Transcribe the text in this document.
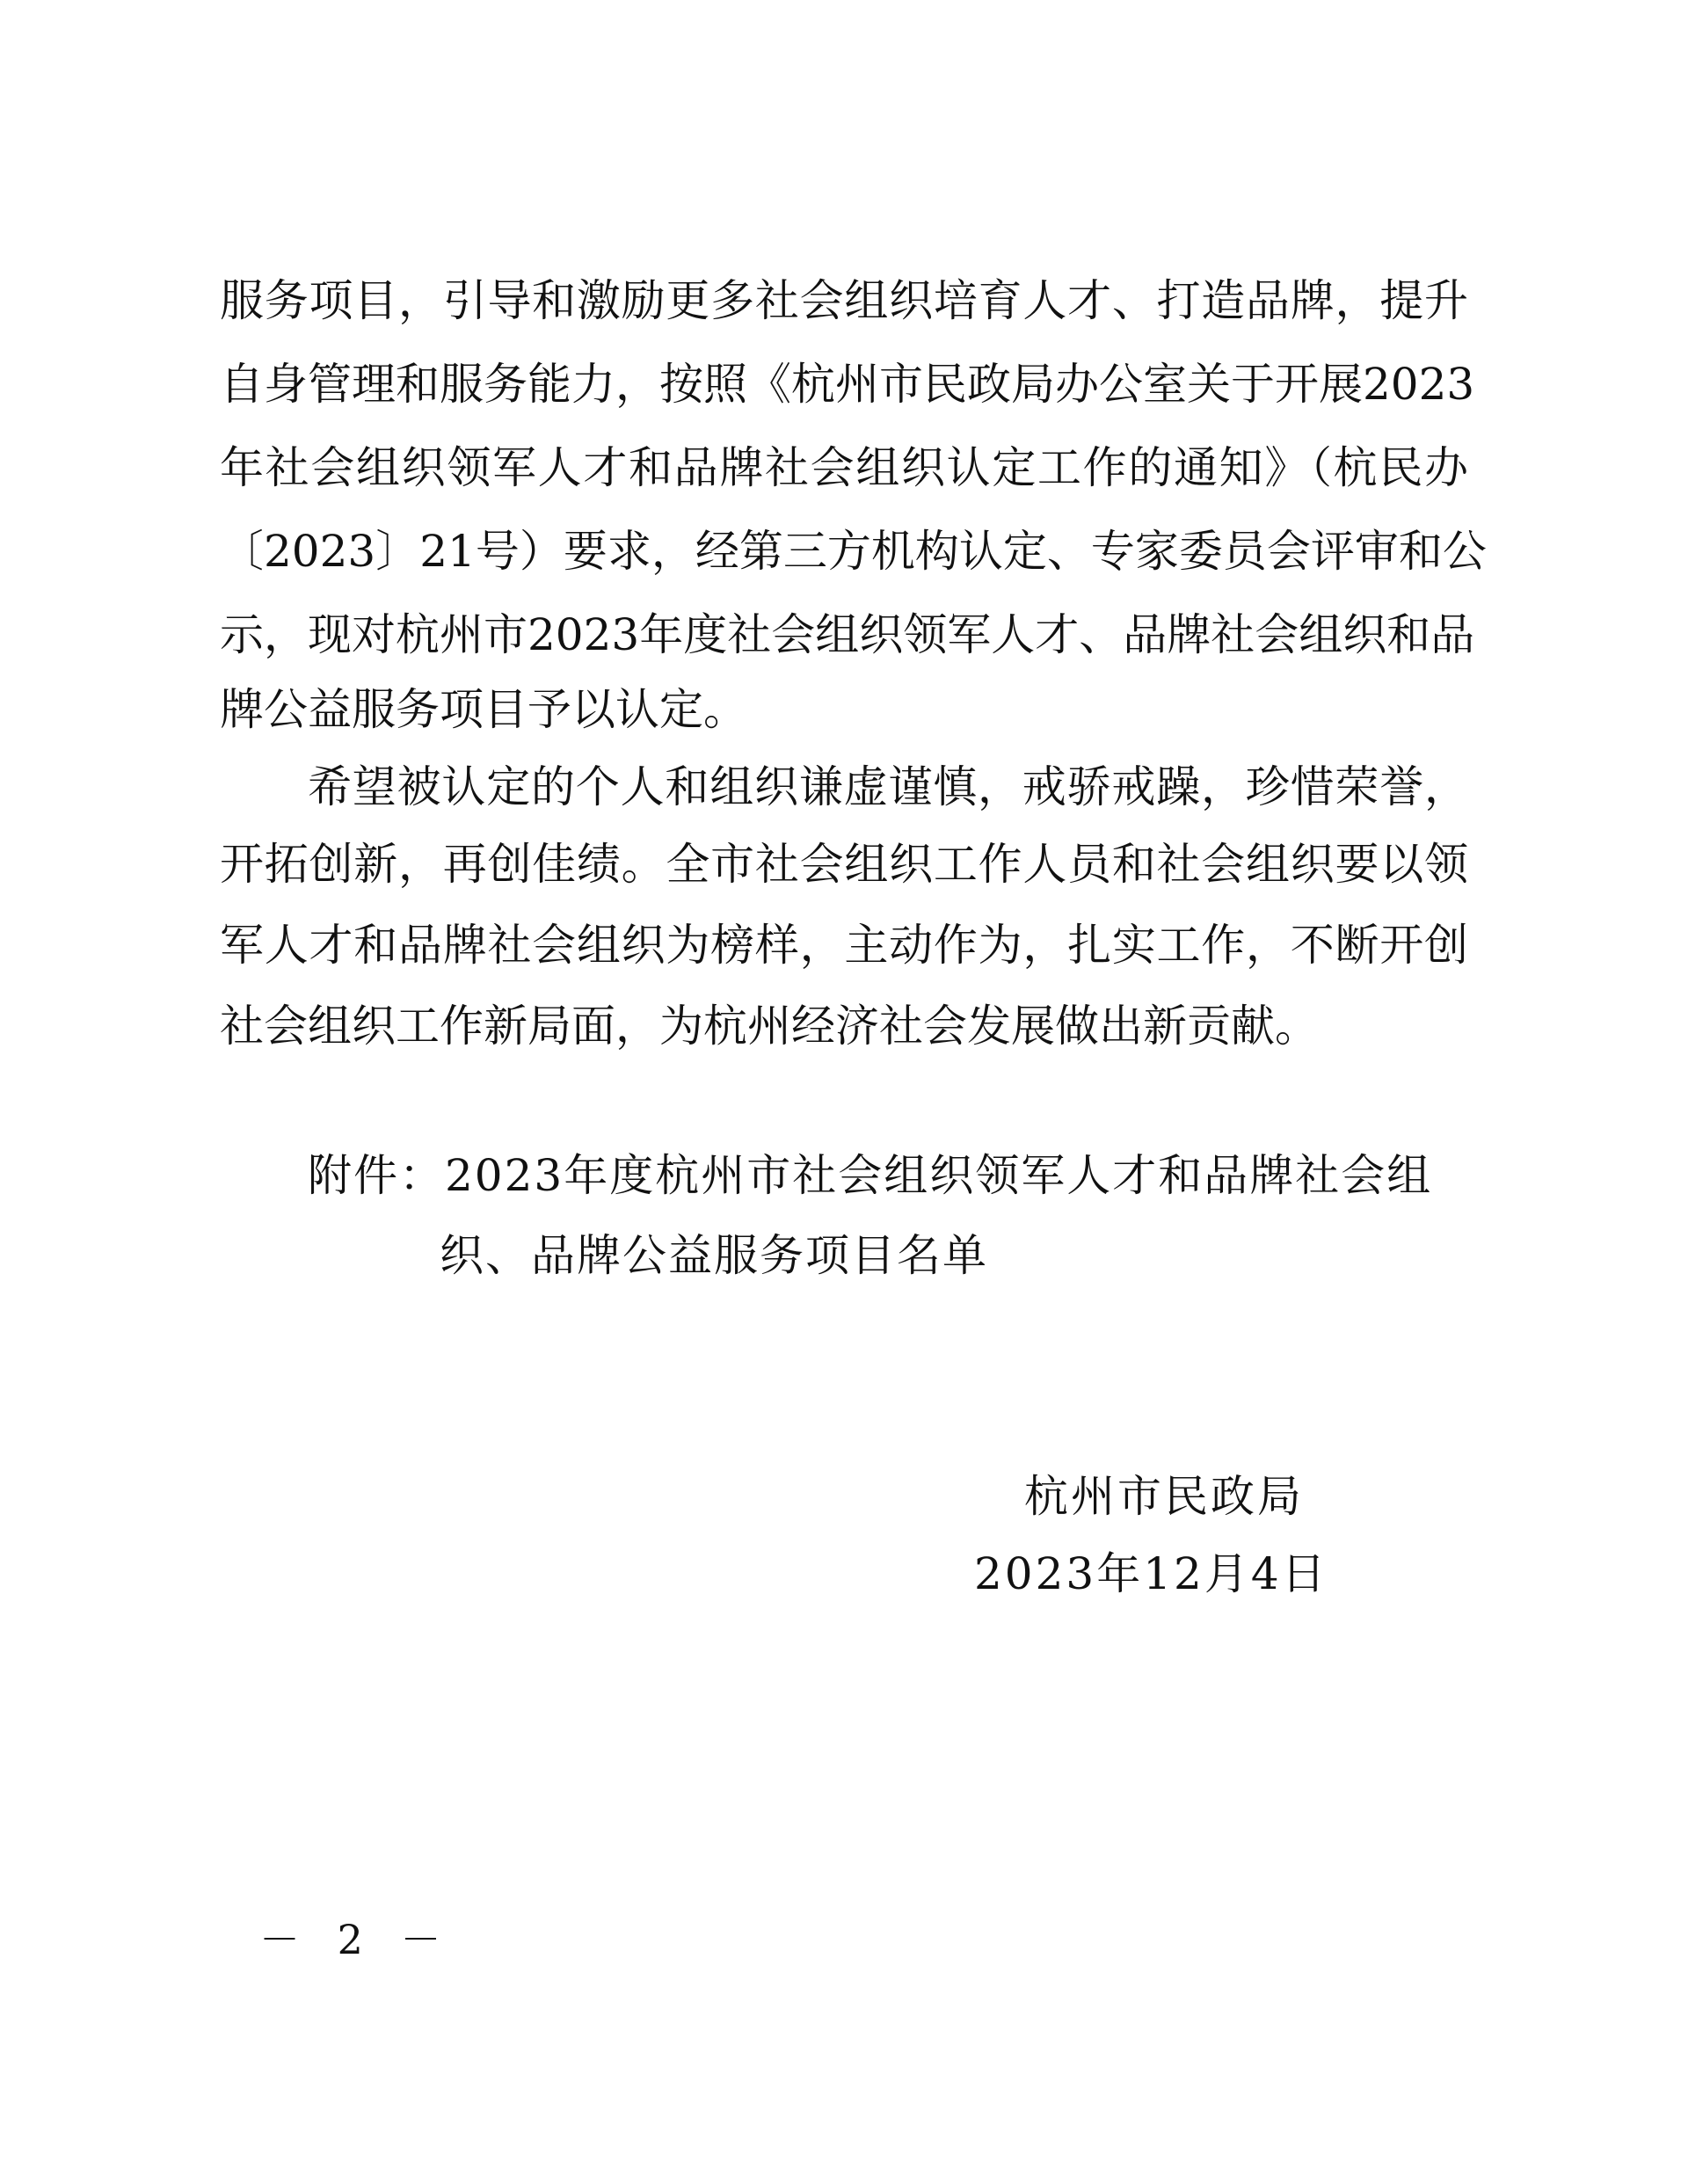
服务项目，引导和激励更多社会组织培育人才、打造品牌，提升
自身管理和服务能力，按照《杭州市民政局办公室关于开展2023
年社会组织领军人才和品牌社会组织认定工作的通知》（杭民办
〔2023〕21号）要求，经第三方机构认定、专家委员会评审和公
示，现对杭州市2023年度社会组织领军人才、品牌社会组织和品
牌公益服务项目予以认定。
希望被认定的个人和组织谦虚谨慎，戒骄戒躁，珍惜荣誉，
开拓创新，再创佳绩。全市社会组织工作人员和社会组织要以领
军人才和品牌社会组织为榜样，主动作为，扎实工作，不断开创
社会组织工作新局面，为杭州经济社会发展做出新贡献。
附件：2023年度杭州市社会组织领军人才和品牌社会组
织、品牌公益服务项目名单
杭州市民政局
2023年12月4日
－ 2 －
